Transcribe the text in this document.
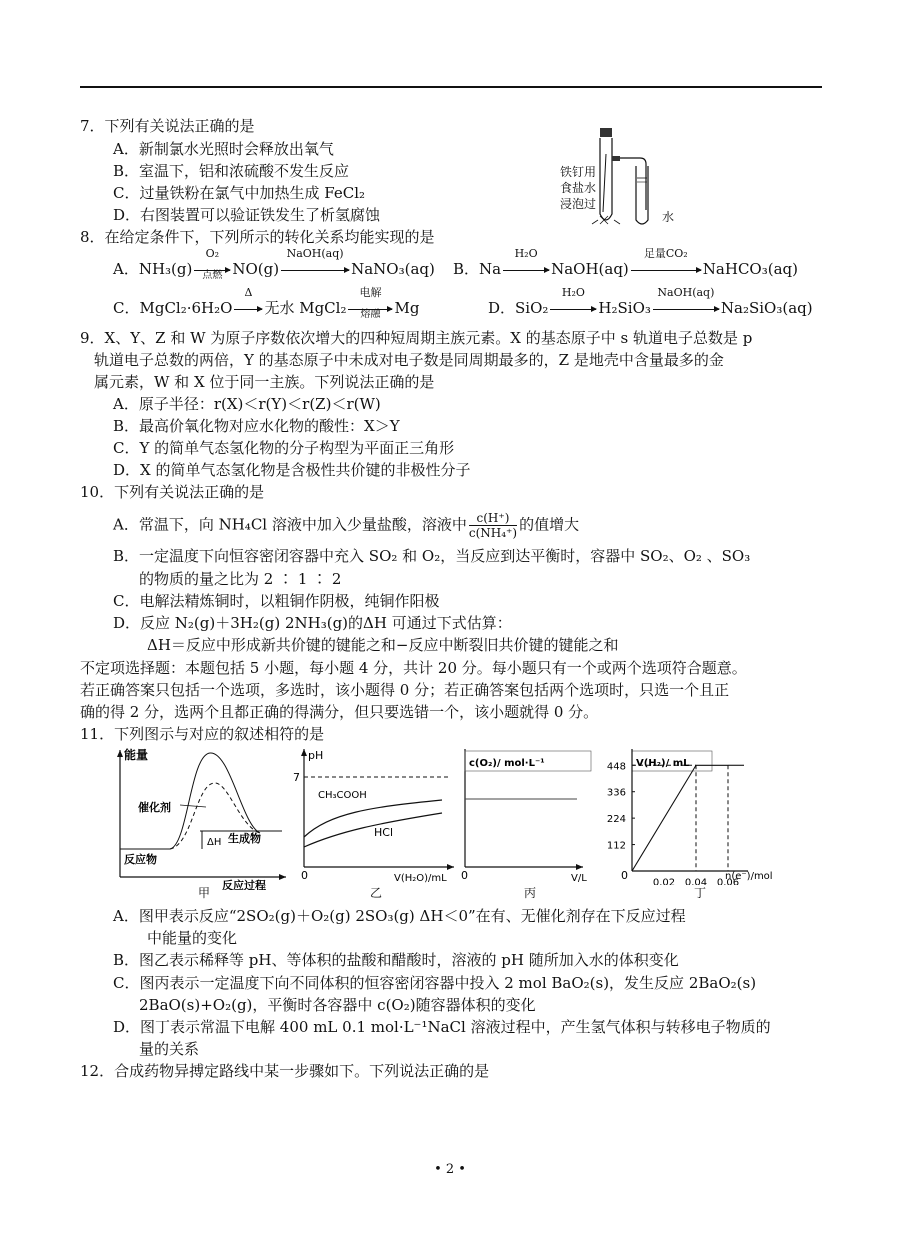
7．下列有关说法正确的是
A．新制氯水光照时会释放出氧气
B．室温下，铝和浓硫酸不发生反应
C．过量铁粉在氯气中加热生成 FeCl₂
D．右图装置可以验证铁发生了析氢腐蚀
铁钉用
食盐水
浸泡过
水
8．在给定条件下，下列所示的转化关系均能实现的是
A．NH₃(g)
O₂
点燃 NO(g)
NaOH(aq)
NaNO₃(aq) B．Na
H₂O
NaOH(aq)
足量CO₂
NaHCO₃(aq)
C．MgCl₂·6H₂O
Δ
无水 MgCl₂
电解
熔融 Mg	D．SiO₂
H₂O
H₂SiO₃
NaOH(aq)
Na₂SiO₃(aq)
9．X、Y、Z 和 W 为原子序数依次增大的四种短周期主族元素。X 的基态原子中 s 轨道电子总数是 p
轨道电子总数的两倍，Y 的基态原子中未成对电子数是同周期最多的，Z 是地壳中含量最多的金
属元素，W 和 X 位于同一主族。下列说法正确的是
A．原子半径：r(X)＜r(Y)＜r(Z)＜r(W)
B．最高价氧化物对应水化物的酸性：X＞Y
C．Y 的简单气态氢化物的分子构型为平面正三角形
D．X 的简单气态氢化物是含极性共价键的非极性分子
10．下列有关说法正确的是
A．常温下，向 NH₄Cl 溶液中加入少量盐酸，溶液中 $\frac{c(H^+)}{\text{c(NH₄⁺)}}$ 的值增大
B．一定温度下向恒容密闭容器中充入 SO₂ 和 O₂，当反应到达平衡时，容器中 SO₂、O₂ 、SO₃
的物质的量之比为 2 ∶ 1 ∶ 2
C．电解法精炼铜时，以粗铜作阴极，纯铜作阳极
D．反应 N₂(g)＋3H₂(g) 2NH₃(g)的ΔH 可通过下式估算：
ΔH＝反应中形成新共价键的键能之和−反应中断裂旧共价键的键能之和
不定项选择题：本题包括 5 小题，每小题 4 分，共计 20 分。每小题只有一个或两个选项符合题意。
若正确答案只包括一个选项，多选时，该小题得 0 分；若正确答案包括两个选项时，只选一个且正
确的得 2 分，选两个且都正确的得满分，但只要选错一个，该小题就得 0 分。
11．下列图示与对应的叙述相符的是
能量
催化剂
ΔH 生成物
反应物
反应过程
甲
pH
7
CH₃COOH
HCl
0	V(H₂O)/mL
乙
c(O₂)/ mol·L⁻¹
0	V/L
丙
V(H₂)/ mL
0	n(e⁻)/mol
112
224
336
448
0.02 0.04 0.06
丁
A．图甲表示反应“2SO₂(g)＋O₂(g) 2SO₃(g) ΔH＜0”在有、无催化剂存在下反应过程
中能量的变化
B．图乙表示稀释等 pH、等体积的盐酸和醋酸时，溶液的 pH 随所加入水的体积变化
C．图丙表示一定温度下向不同体积的恒容密闭容器中投入 2 mol BaO₂(s)，发生反应 2BaO₂(s)
2BaO(s)+O₂(g)，平衡时各容器中 c(O₂)随容器体积的变化
D．图丁表示常温下电解 400 mL 0.1 mol·L⁻¹NaCl 溶液过程中，产生氢气体积与转移电子物质的
量的关系
12．合成药物异搏定路线中某一步骤如下。下列说法正确的是
• 2 •
